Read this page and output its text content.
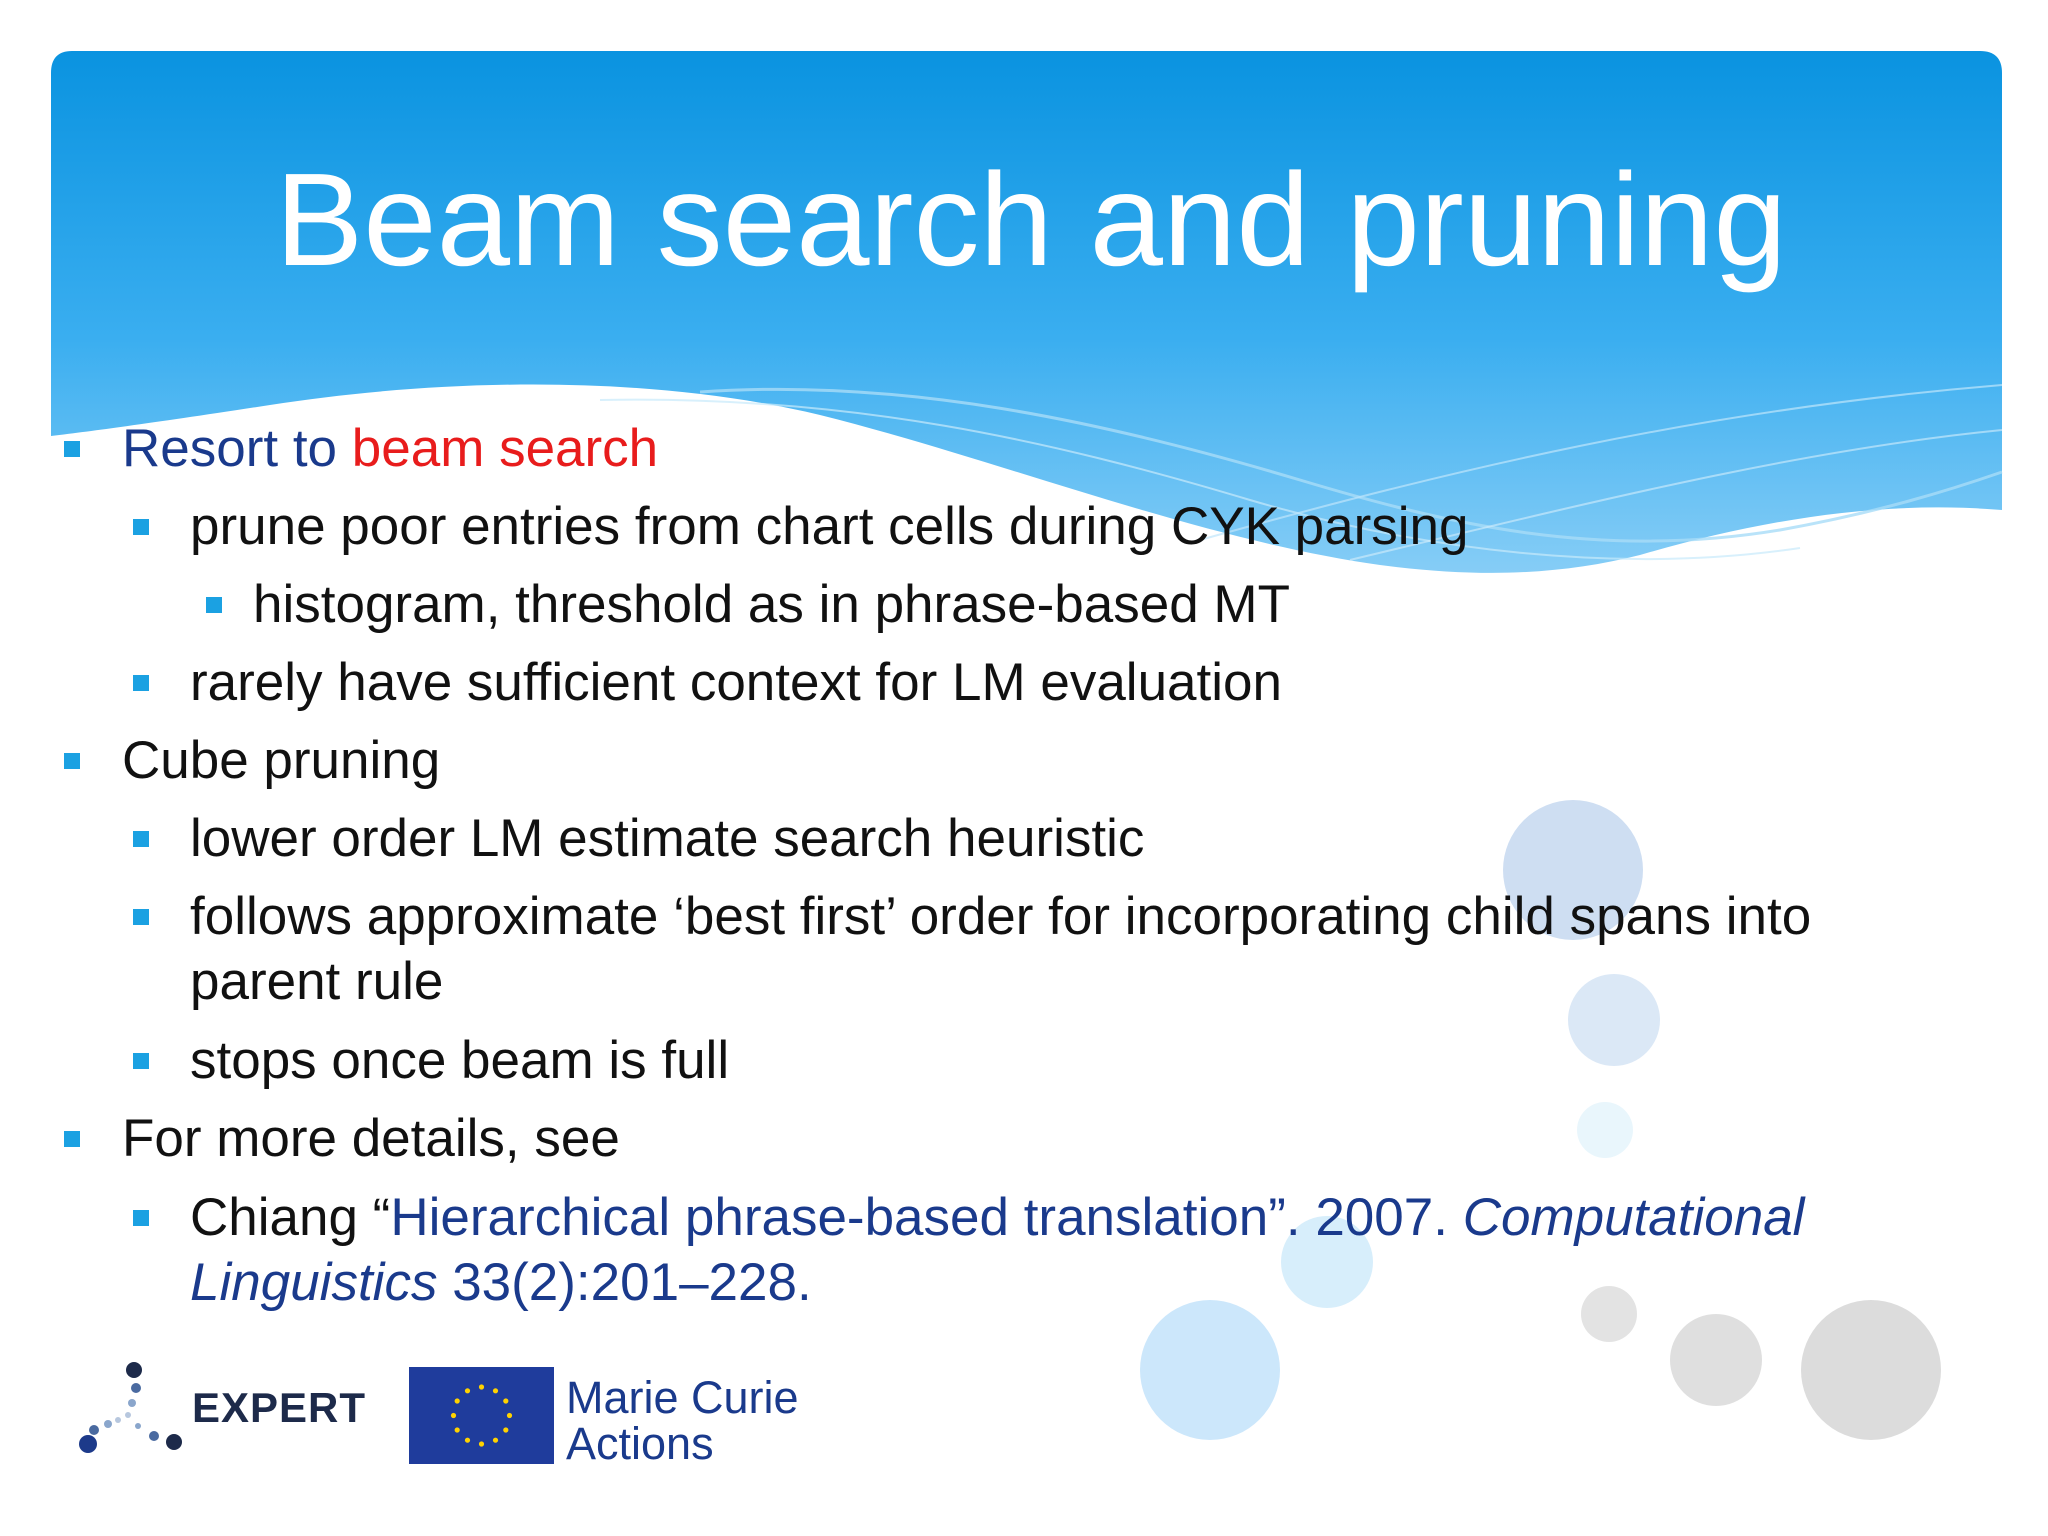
Beam search and pruning
Resort to beam search
prune poor entries from chart cells during CYK parsing
histogram, threshold as in phrase-based MT
rarely have sufficient context for LM evaluation
Cube pruning
lower order LM estimate search heuristic
follows approximate ‘best first’ order for incorporating child spans into
parent rule
stops once beam is full
For more details, see
Chiang “Hierarchical phrase-based translation”. 2007. Computational
Linguistics 33(2):201–228.
EXPERT	Marie Curie
Actions
